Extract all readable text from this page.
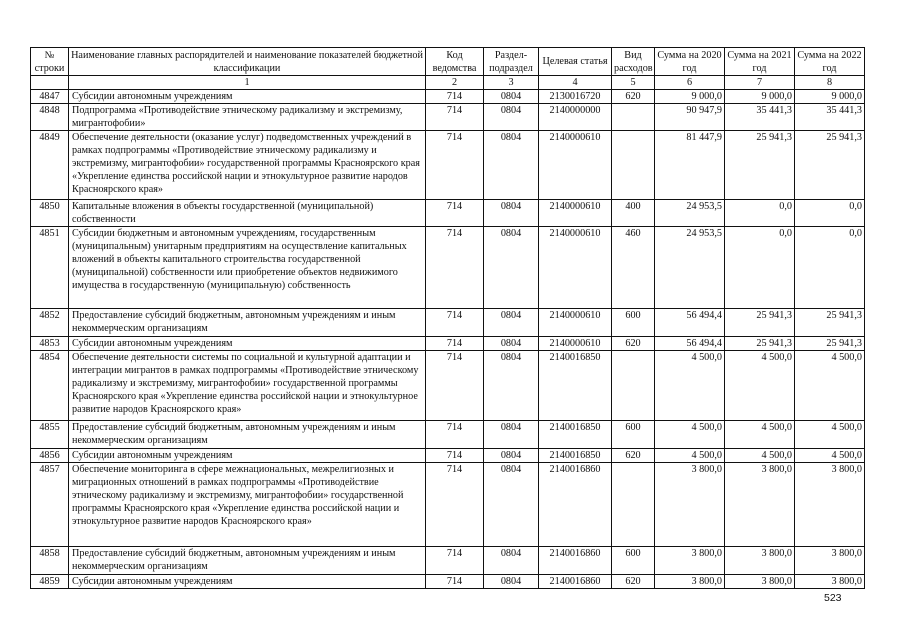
№ строки	Наименование главных распорядителей и наименование показателей бюджетной классификации	Код ведомства	Раздел-подраздел	Целевая статья	Вид расходов	Сумма на 2020 год	Сумма на 2021 год	Сумма на 2022 год
	1	2	3	4	5	6	7	8
4847	Субсидии автономным учреждениям	714	0804	2130016720	620	9 000,0	9 000,0	9 000,0
4848	Подпрограмма «Противодействие этническому радикализму и экстремизму, мигрантофобии»	714	0804	2140000000		90 947,9	35 441,3	35 441,3
4849	Обеспечение деятельности (оказание услуг) подведомственных учреждений в рамках подпрограммы «Противодействие этническому радикализму и экстремизму, мигрантофобии» государственной программы Красноярского края «Укрепление единства российской нации и этнокультурное развитие народов Красноярского края»	714	0804	2140000610		81 447,9	25 941,3	25 941,3
4850	Капитальные вложения в объекты государственной (муниципальной) собственности	714	0804	2140000610	400	24 953,5	0,0	0,0
4851	Субсидии бюджетным и автономным учреждениям, государственным (муниципальным) унитарным предприятиям на осуществление капитальных вложений в объекты капитального строительства государственной (муниципальной) собственности или приобретение объектов недвижимого имущества в государственную (муниципальную) собственность	714	0804	2140000610	460	24 953,5	0,0	0,0
4852	Предоставление субсидий бюджетным, автономным учреждениям и иным некоммерческим организациям	714	0804	2140000610	600	56 494,4	25 941,3	25 941,3
4853	Субсидии автономным учреждениям	714	0804	2140000610	620	56 494,4	25 941,3	25 941,3
4854	Обеспечение деятельности системы по социальной и культурной адаптации и интеграции мигрантов в рамках подпрограммы «Противодействие этническому радикализму и экстремизму, мигрантофобии» государственной программы Красноярского края «Укрепление единства российской нации и этнокультурное развитие народов Красноярского края»	714	0804	2140016850		4 500,0	4 500,0	4 500,0
4855	Предоставление субсидий бюджетным, автономным учреждениям и иным некоммерческим организациям	714	0804	2140016850	600	4 500,0	4 500,0	4 500,0
4856	Субсидии автономным учреждениям	714	0804	2140016850	620	4 500,0	4 500,0	4 500,0
4857	Обеспечение мониторинга в сфере межнациональных, межрелигиозных и миграционных отношений в рамках подпрограммы «Противодействие этническому радикализму и экстремизму, мигрантофобии» государственной программы Красноярского края «Укрепление единства российской нации и этнокультурное развитие народов Красноярского края»	714	0804	2140016860		3 800,0	3 800,0	3 800,0
4858	Предоставление субсидий бюджетным, автономным учреждениям и иным некоммерческим организациям	714	0804	2140016860	600	3 800,0	3 800,0	3 800,0
4859	Субсидии автономным учреждениям	714	0804	2140016860	620	3 800,0	3 800,0	3 800,0
523
